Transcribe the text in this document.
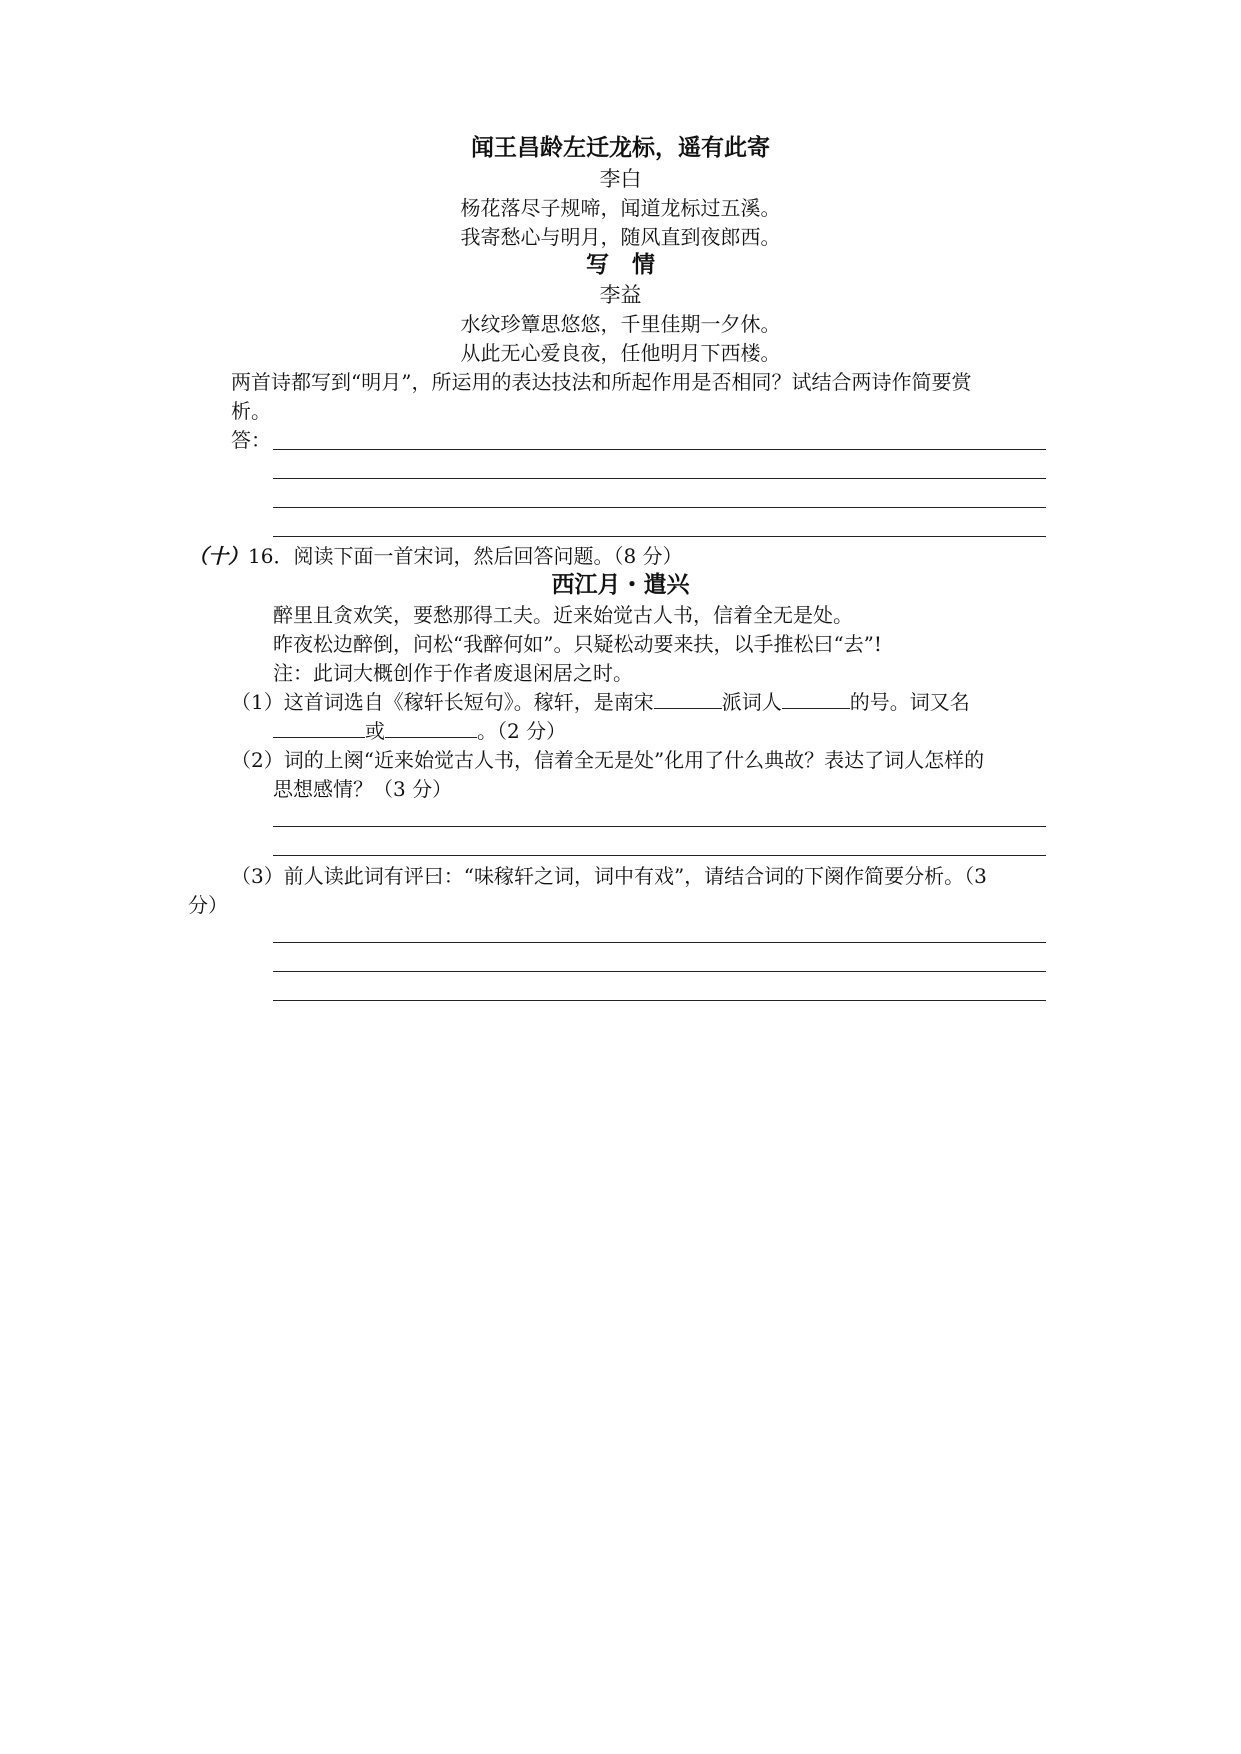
闻王昌龄左迁龙标，遥有此寄
李白
杨花落尽子规啼，闻道龙标过五溪。
我寄愁心与明月，随风直到夜郎西。
写　情
李益
水纹珍簟思悠悠，千里佳期一夕休。
从此无心爱良夜，任他明月下西楼。
两首诗都写到“明月”，所运用的表达技法和所起作用是否相同？试结合两诗作简要赏
析。
答：
（十）16．阅读下面一首宋词，然后回答问题。（8 分）
西江月・遣兴
醉里且贪欢笑，要愁那得工夫。近来始觉古人书，信着全无是处。
昨夜松边醉倒，问松“我醉何如”。只疑松动要来扶，以手推松曰“去”!
注：此词大概创作于作者废退闲居之时。
（1）这首词选自《稼轩长短句》。稼轩，是南宋	派词人	的号。词又名
或	。（2 分）
（2）词的上阕“近来始觉古人书，信着全无是处”化用了什么典故？表达了词人怎样的
思想感情？（3 分）
（3）前人读此词有评曰：“味稼轩之词，词中有戏”，请结合词的下阕作简要分析。（3
分）
